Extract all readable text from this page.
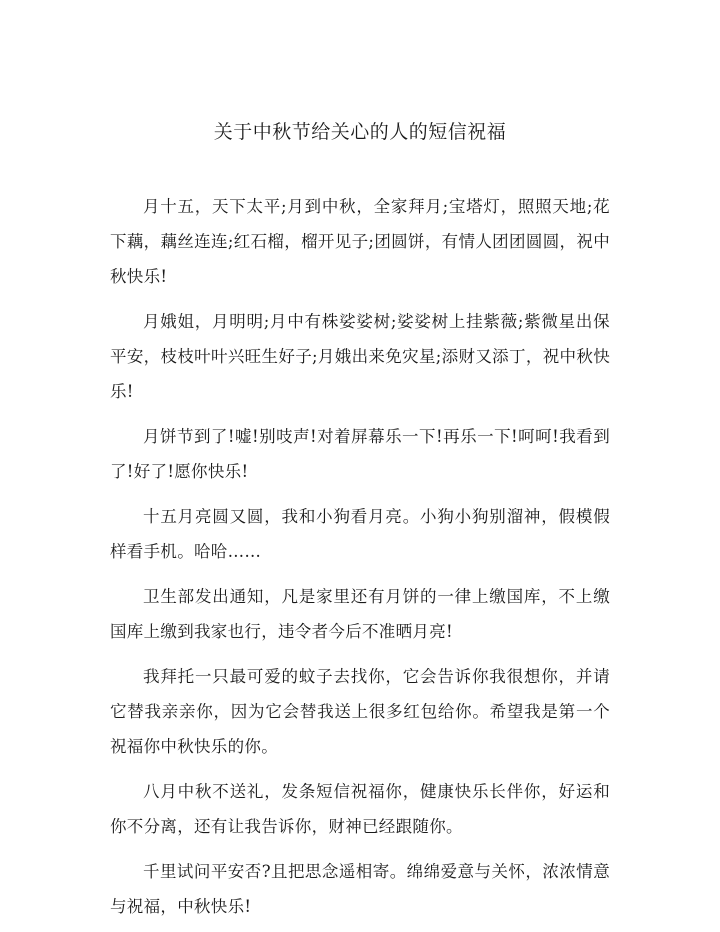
关于中秋节给关心的人的短信祝福

月十五，天下太平;月到中秋，全家拜月;宝塔灯，照照天地;花下藕，藕丝连连;红石榴，榴开见子;团圆饼，有情人团团圆圆，祝中秋快乐!

月娥姐，月明明;月中有株娑娑树;娑娑树上挂紫薇;紫微星出保平安，枝枝叶叶兴旺生好子;月娥出来免灾星;添财又添丁，祝中秋快乐!

月饼节到了!嘘!别吱声!对着屏幕乐一下!再乐一下!呵呵!我看到了!好了!愿你快乐!

十五月亮圆又圆，我和小狗看月亮。小狗小狗别溜神，假模假样看手机。哈哈……

卫生部发出通知，凡是家里还有月饼的一律上缴国库，不上缴国库上缴到我家也行，违令者今后不准晒月亮!

我拜托一只最可爱的蚊子去找你，它会告诉你我很想你，并请它替我亲亲你，因为它会替我送上很多红包给你。希望我是第一个祝福你中秋快乐的你。

八月中秋不送礼，发条短信祝福你，健康快乐长伴你，好运和你不分离，还有让我告诉你，财神已经跟随你。

千里试问平安否?且把思念遥相寄。绵绵爱意与关怀，浓浓情意与祝福，中秋快乐!
